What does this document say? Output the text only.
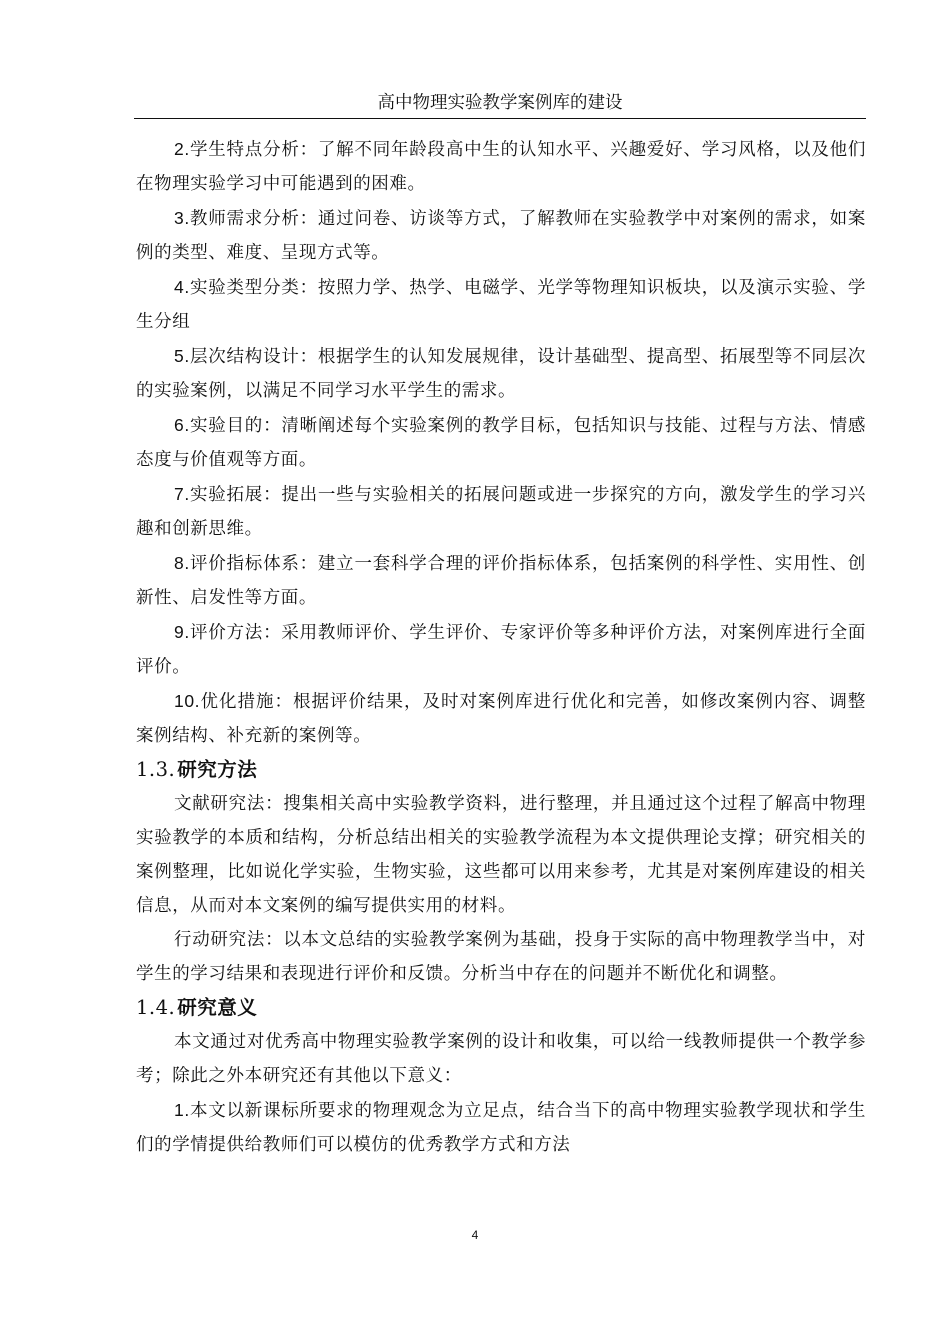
高中物理实验教学案例库的建设

2.学生特点分析：了解不同年龄段高中生的认知水平、兴趣爱好、学习风格，以及他们在物理实验学习中可能遇到的困难。

3.教师需求分析：通过问卷、访谈等方式，了解教师在实验教学中对案例的需求，如案例的类型、难度、呈现方式等。

4.实验类型分类：按照力学、热学、电磁学、光学等物理知识板块，以及演示实验、学生分组

5.层次结构设计：根据学生的认知发展规律，设计基础型、提高型、拓展型等不同层次的实验案例，以满足不同学习水平学生的需求。

6.实验目的：清晰阐述每个实验案例的教学目标，包括知识与技能、过程与方法、情感态度与价值观等方面。

7.实验拓展：提出一些与实验相关的拓展问题或进一步探究的方向，激发学生的学习兴趣和创新思维。

8.评价指标体系：建立一套科学合理的评价指标体系，包括案例的科学性、实用性、创新性、启发性等方面。

9.评价方法：采用教师评价、学生评价、专家评价等多种评价方法，对案例库进行全面评价。

10.优化措施：根据评价结果，及时对案例库进行优化和完善，如修改案例内容、调整案例结构、补充新的案例等。

1.3. 研究方法

文献研究法：搜集相关高中实验教学资料，进行整理，并且通过这个过程了解高中物理实验教学的本质和结构，分析总结出相关的实验教学流程为本文提供理论支撑；研究相关的案例整理，比如说化学实验，生物实验，这些都可以用来参考，尤其是对案例库建设的相关信息，从而对本文案例的编写提供实用的材料。

行动研究法：以本文总结的实验教学案例为基础，投身于实际的高中物理教学当中，对学生的学习结果和表现进行评价和反馈。分析当中存在的问题并不断优化和调整。

1.4. 研究意义

本文通过对优秀高中物理实验教学案例的设计和收集，可以给一线教师提供一个教学参考；除此之外本研究还有其他以下意义：

1.本文以新课标所要求的物理观念为立足点，结合当下的高中物理实验教学现状和学生们的学情提供给教师们可以模仿的优秀教学方式和方法

4
